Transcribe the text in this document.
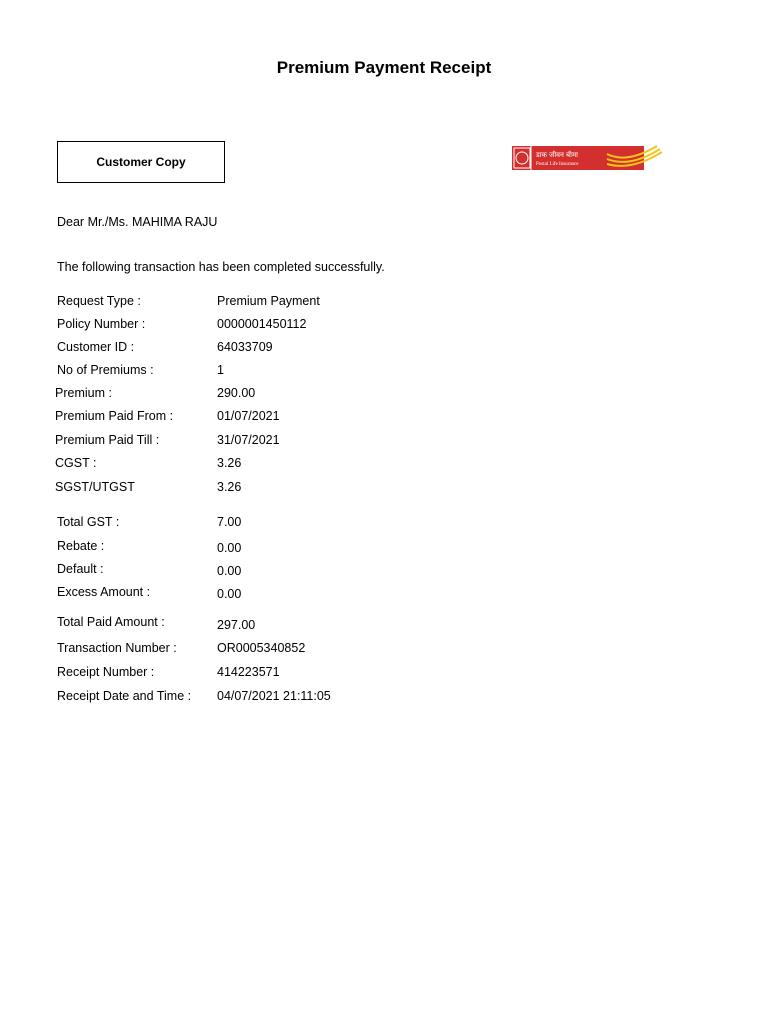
Premium Payment Receipt
Customer Copy	डाक जीवन बीमा
Postal Life Insurance
Dear Mr./Ms. MAHIMA RAJU
The following transaction has been completed successfully.
Request Type :	Premium Payment
Policy Number :	0000001450112
Customer ID :	64033709
No of Premiums :	1
Premium :	290.00
Premium Paid From :	01/07/2021
Premium Paid Till :	31/07/2021
CGST :	3.26
SGST/UTGST	3.26
Total GST :	7.00
Rebate :	0.00
Default :	0.00
Excess Amount :	0.00
Total Paid Amount :	297.00
Transaction Number :	OR0005340852
Receipt Number :	414223571
Receipt Date and Time : 04/07/2021 21:11:05
